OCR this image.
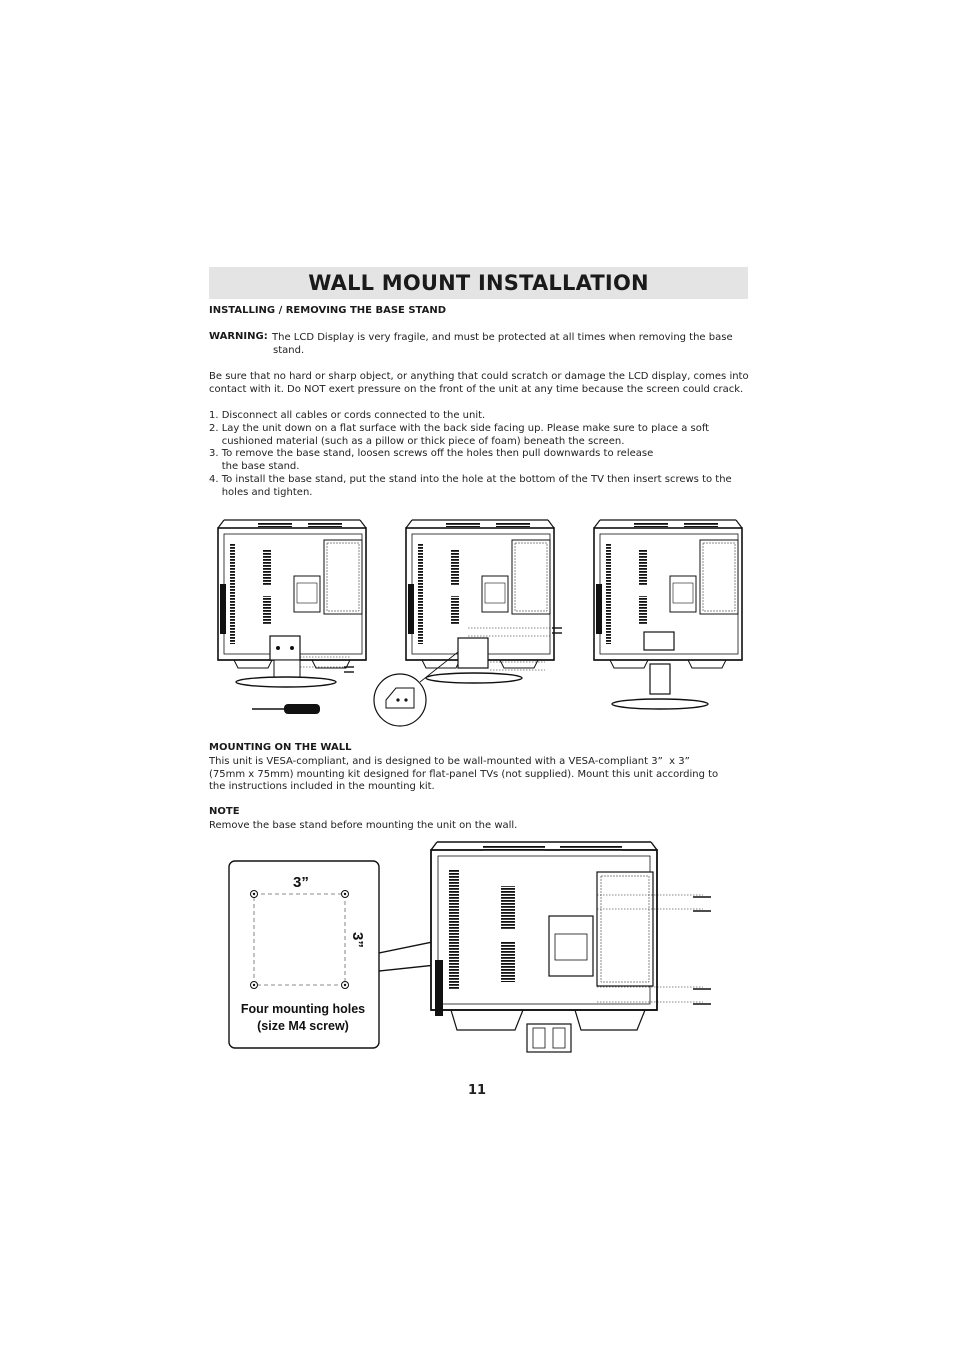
WALL MOUNT INSTALLATION
INSTALLING / REMOVING THE BASE STAND
WARNING: The LCD Display is very fragile, and must be protected at all times when removing the base
stand.
Be sure that no hard or sharp object, or anything that could scratch or damage the LCD display, comes into
contact with it. Do NOT exert pressure on the front of the unit at any time because the screen could crack.
1. Disconnect all cables or cords connected to the unit.
2. Lay the unit down on a flat surface with the back side facing up. Please make sure to place a soft
cushioned material (such as a pillow or thick piece of foam) beneath the screen.
3. To remove the base stand, loosen screws off the holes then pull downwards to release
the base stand.
4. To install the base stand, put the stand into the hole at the bottom of the TV then insert screws to the
holes and tighten.
MOUNTING ON THE WALL
This unit is VESA-compliant, and is designed to be wall-mounted with a VESA-compliant 3”  x 3”
(75mm x 75mm) mounting kit designed for flat-panel TVs (not supplied). Mount this unit according to
the instructions included in the mounting kit.
NOTE
Remove the base stand before mounting the unit on the wall.
3”
3”
Four mounting holes
(size M4 screw)
11
